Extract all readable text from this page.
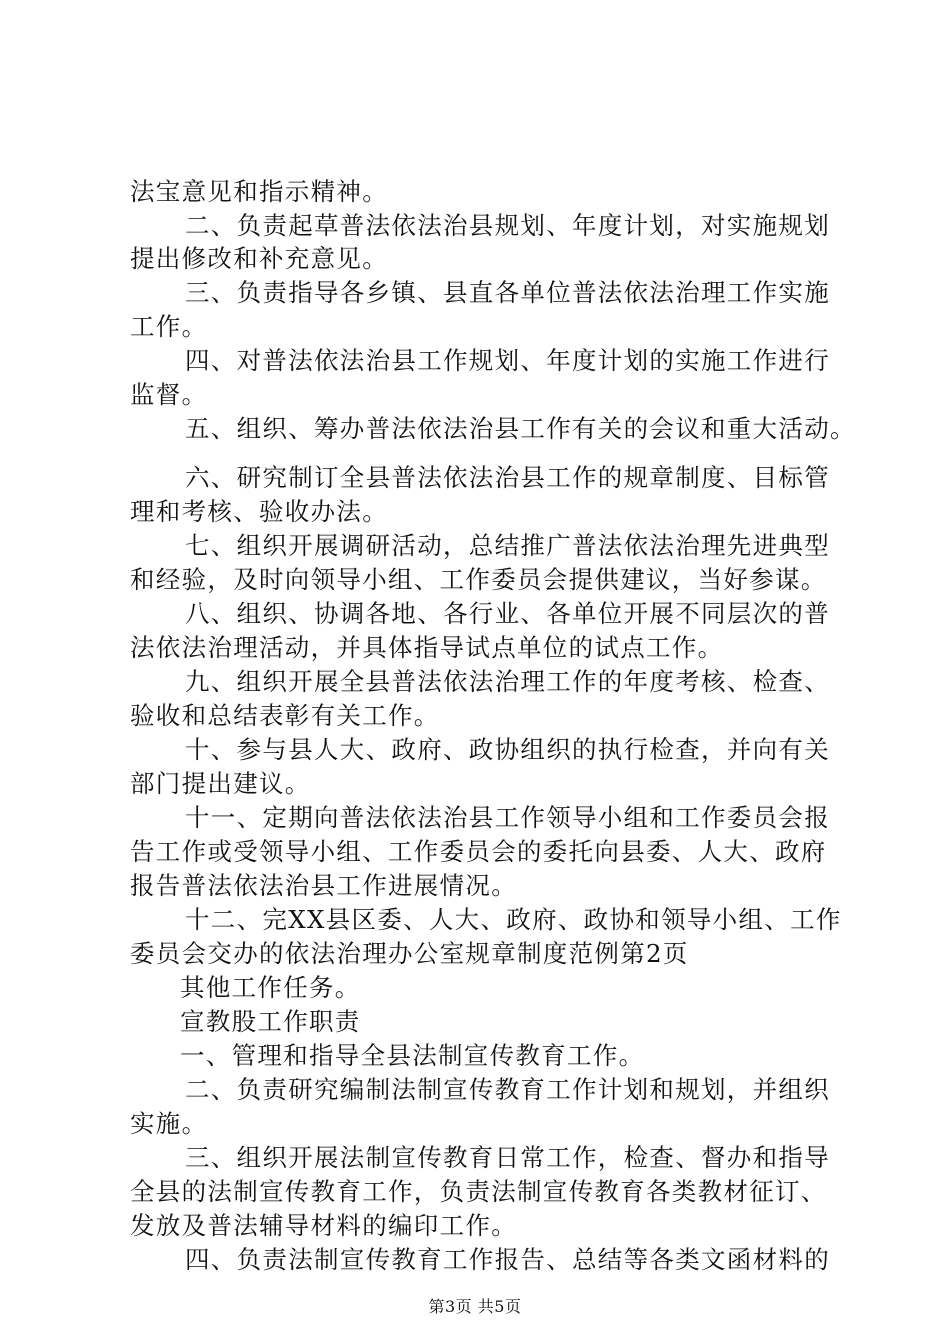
法宝意见和指示精神。
二、负责起草普法依法治县规划、年度计划，对实施规划
提出修改和补充意见。
三、负责指导各乡镇、县直各单位普法依法治理工作实施
工作。
四、对普法依法治县工作规划、年度计划的实施工作进行
监督。
五、组织、筹办普法依法治县工作有关的会议和重大活动。
六、研究制订全县普法依法治县工作的规章制度、目标管
理和考核、验收办法。
七、组织开展调研活动，总结推广普法依法治理先进典型
和经验，及时向领导小组、工作委员会提供建议，当好参谋。
八、组织、协调各地、各行业、各单位开展不同层次的普
法依法治理活动，并具体指导试点单位的试点工作。
九、组织开展全县普法依法治理工作的年度考核、检查、
验收和总结表彰有关工作。
十、参与县人大、政府、政协组织的执行检查，并向有关
部门提出建议。
十一、定期向普法依法治县工作领导小组和工作委员会报
告工作或受领导小组、工作委员会的委托向县委、人大、政府
报告普法依法治县工作进展情况。
十二、完XX县区委、人大、政府、政协和领导小组、工作
委员会交办的依法治理办公室规章制度范例第2页
其他工作任务。
宣教股工作职责
一、管理和指导全县法制宣传教育工作。
二、负责研究编制法制宣传教育工作计划和规划，并组织
实施。
三、组织开展法制宣传教育日常工作，检查、督办和指导
全县的法制宣传教育工作，负责法制宣传教育各类教材征订、
发放及普法辅导材料的编印工作。
四、负责法制宣传教育工作报告、总结等各类文函材料的
第3页 共5页
